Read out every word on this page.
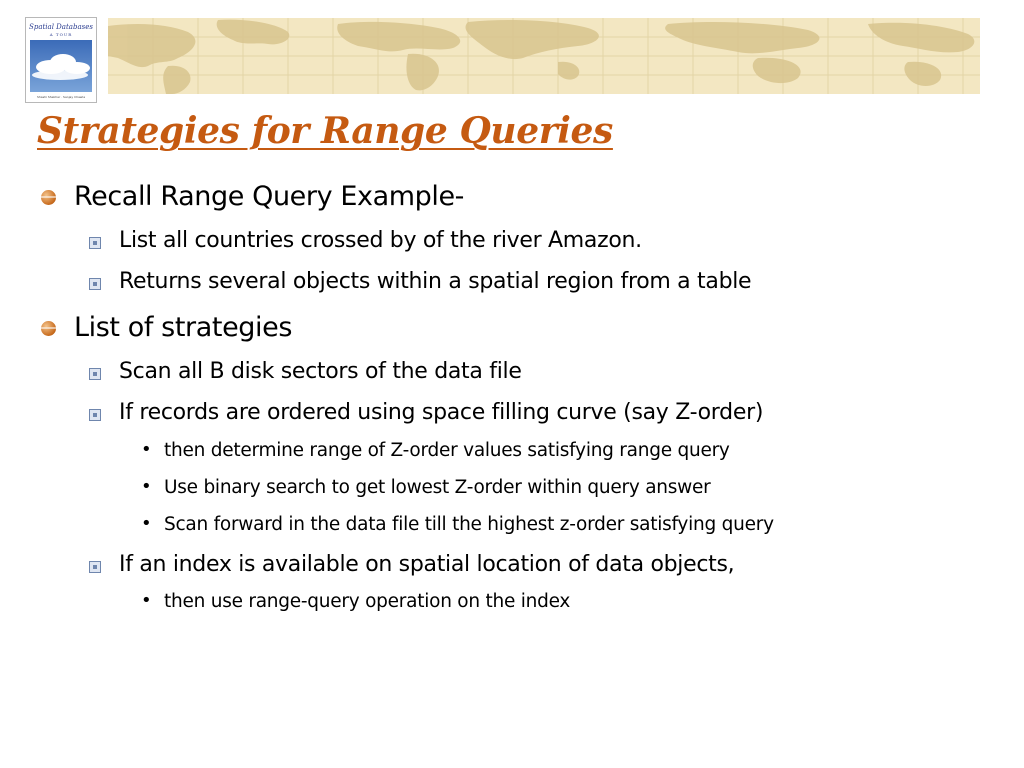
Spatial Databases
A TOUR
Shashi Shekhar · Sanjay Chawla
Strategies for Range Queries
Recall Range Query Example-
List all countries crossed by of the river Amazon.
Returns several objects within a spatial region from a table
List of strategies
Scan all B disk sectors of the data file
If records are ordered using space filling curve (say Z-order)
• then determine range of Z-order values satisfying range query
• Use binary search to get lowest Z-order within query answer
• Scan forward in the data file till the highest z-order satisfying query
If an index is available on spatial location of data objects,
• then use range-query operation on the index
